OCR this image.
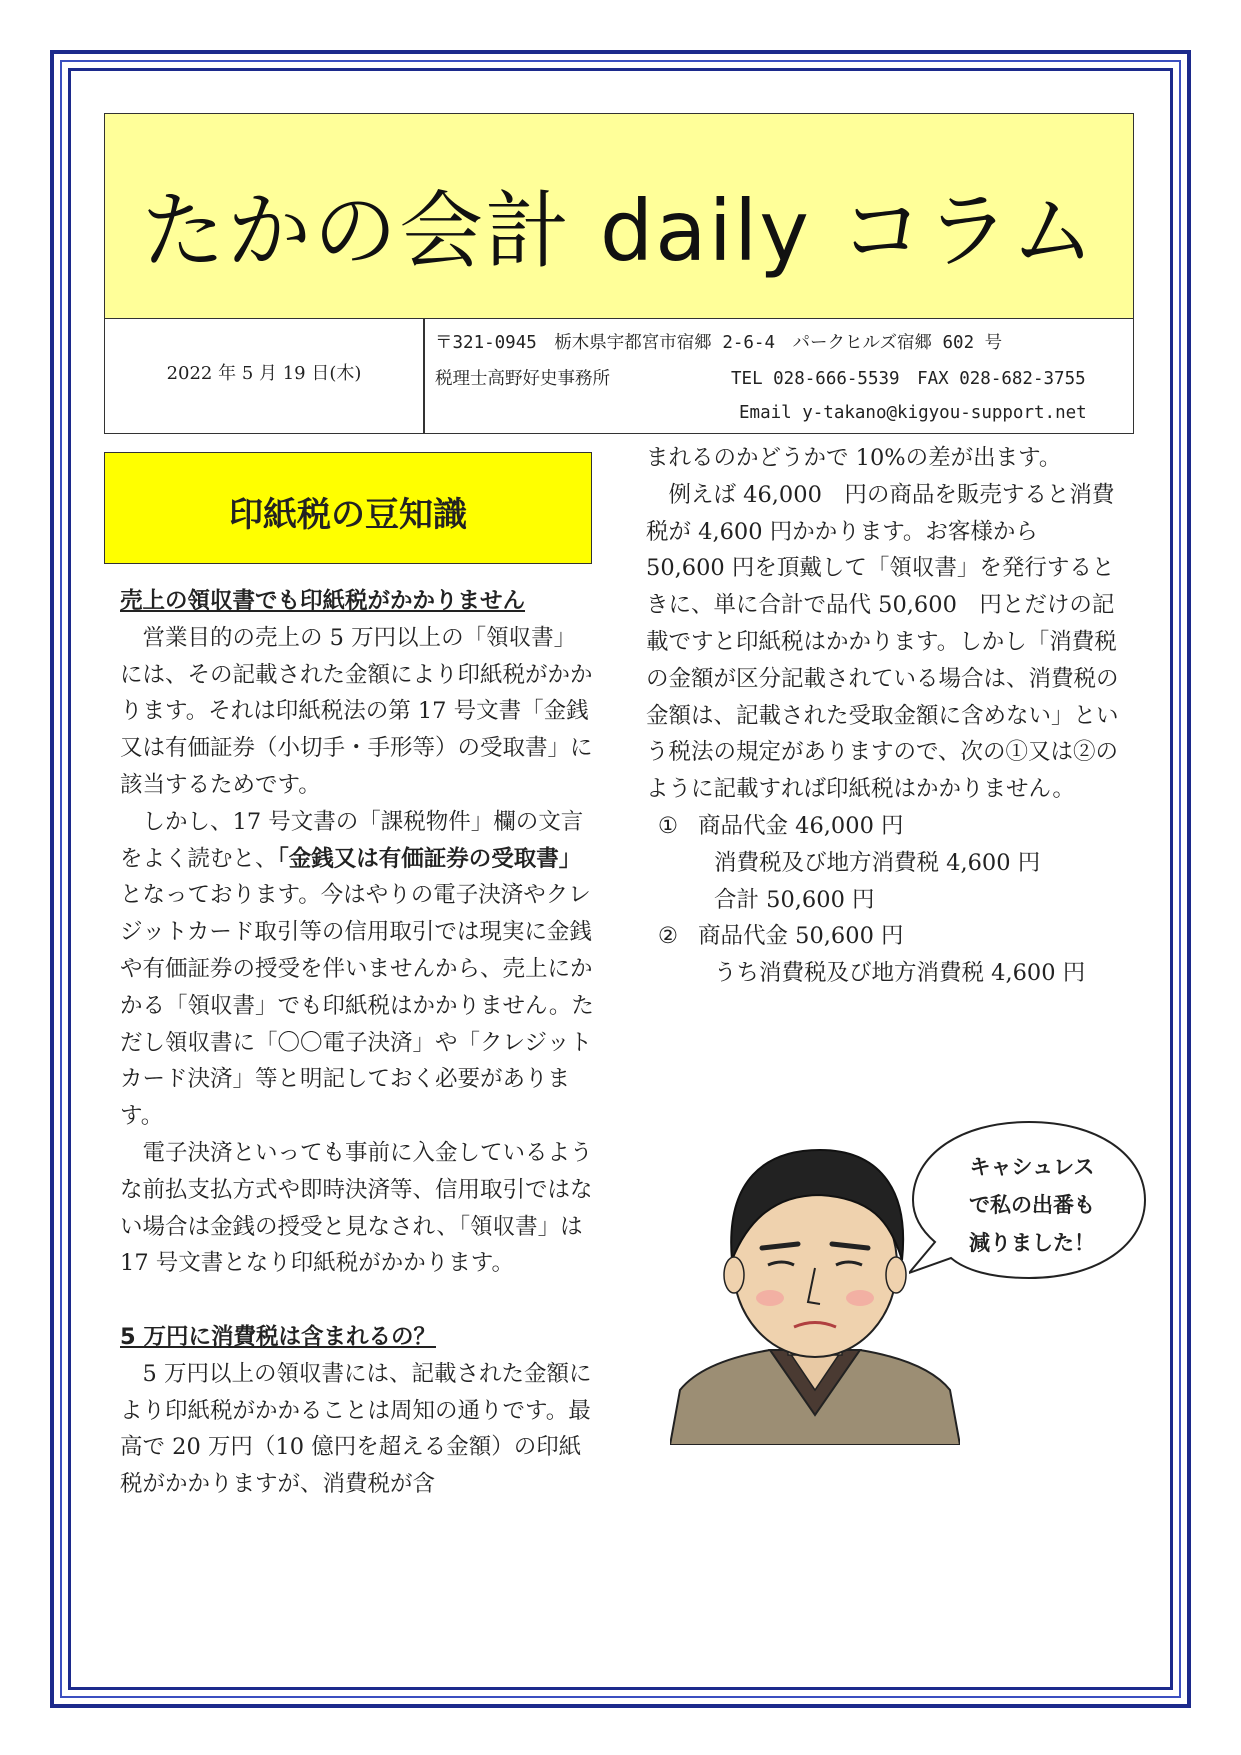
たかの会計 daily コラム
2022 年 5 月 19 日(木)
〒321-0945　栃木県宇都宮市宿郷 2-6-4　パークヒルズ宿郷 602 号
税理士高野好史事務所	TEL 028-666-5539　FAX 028-682-3755
Email y-takano@kigyou-support.net
印紙税の豆知識
売上の領収書でも印紙税がかかりません

営業目的の売上の 5 万円以上の「領収書」には、その記載された金額により印紙税がかかります。それは印紙税法の第 17 号文書「金銭又は有価証券（小切手・手形等）の受取書」に該当するためです。

しかし、17 号文書の「課税物件」欄の文言をよく読むと、「金銭又は有価証券の受取書」となっております。今はやりの電子決済やクレジットカード取引等の信用取引では現実に金銭や有価証券の授受を伴いませんから、売上にかかる「領収書」でも印紙税はかかりません。ただし領収書に「〇〇電子決済」や「クレジットカード決済」等と明記しておく必要があります。

電子決済といっても事前に入金しているような前払支払方式や即時決済等、信用取引ではない場合は金銭の授受と見なされ、「領収書」は 17 号文書となり印紙税がかかります。

5 万円に消費税は含まれるの？

5 万円以上の領収書には、記載された金額により印紙税がかかることは周知の通りです。最高で 20 万円（10 億円を超える金額）の印紙税がかかりますが、消費税が含

まれるのかどうかで 10%の差が出ます。

例えば 46,000　円の商品を販売すると消費税が 4,600 円かかります。お客様から 50,600 円を頂戴して「領収書」を発行するときに、単に合計で品代 50,600　円とだけの記載ですと印紙税はかかります。しかし「消費税の金額が区分記載されている場合は、消費税の金額は、記載された受取金額に含めない」という税法の規定がありますので、次の①又は②のように記載すれば印紙税はかかりません。

① 商品代金 46,000 円
消費税及び地方消費税 4,600 円
合計 50,600 円
② 商品代金 50,600 円
うち消費税及び地方消費税 4,600 円
キャシュレス
で私の出番も
減りました！
